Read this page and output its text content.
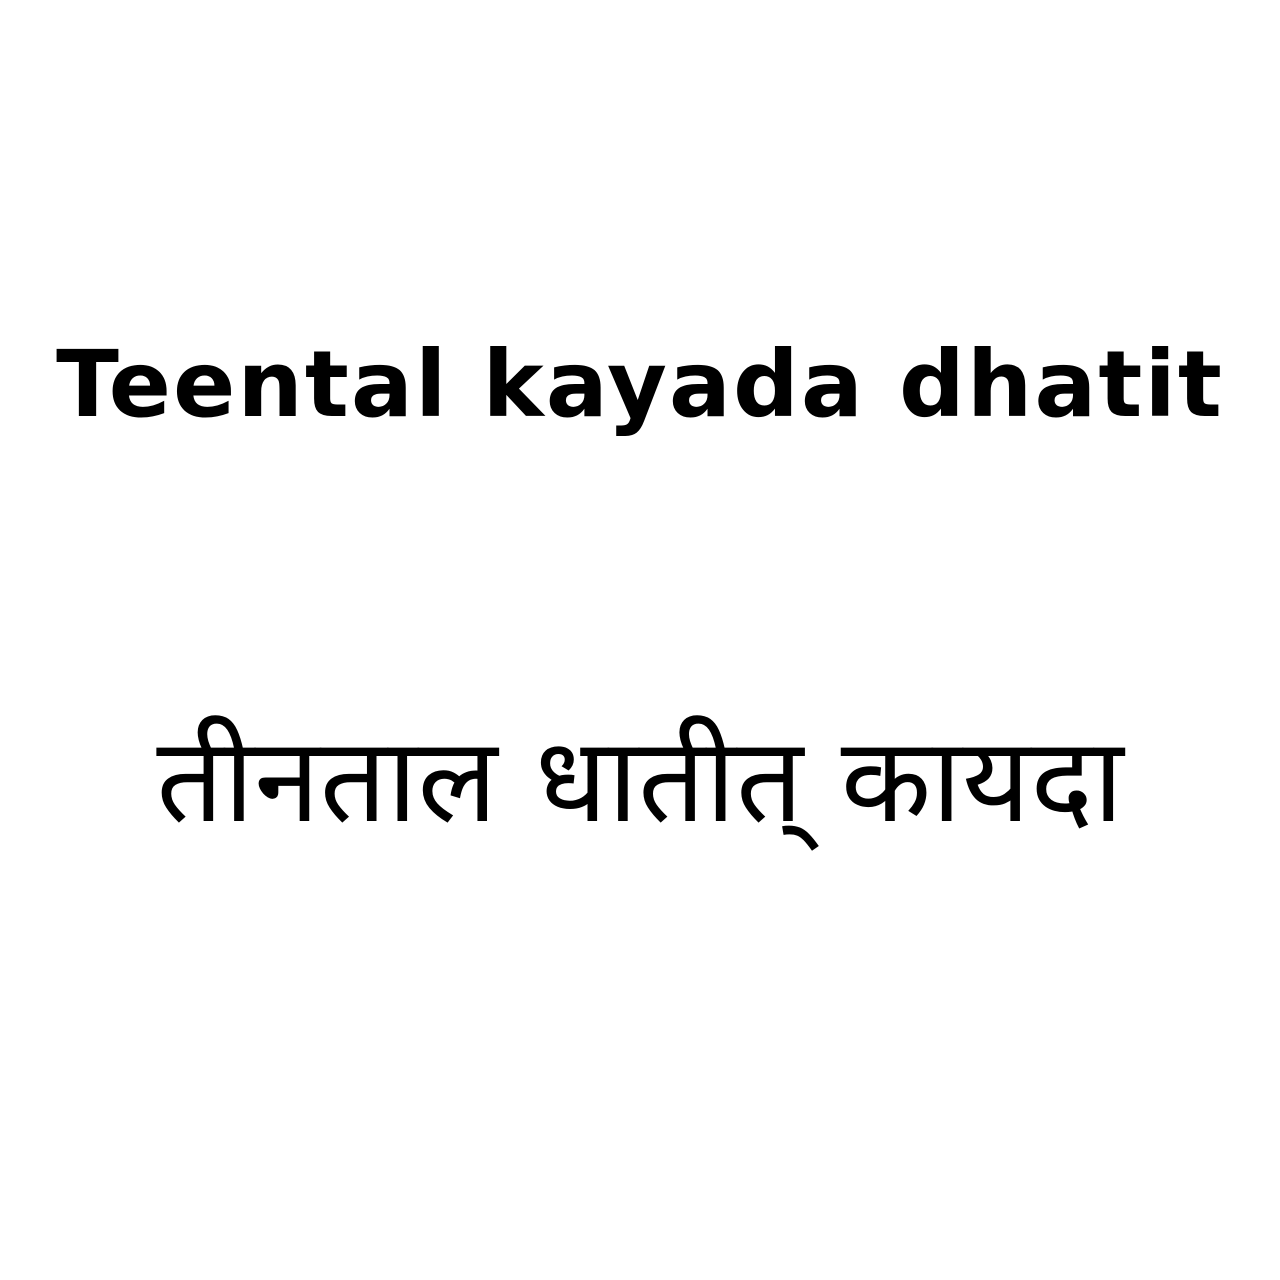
Teental kayada dhatit
तीनताल धातीत् कायदा
